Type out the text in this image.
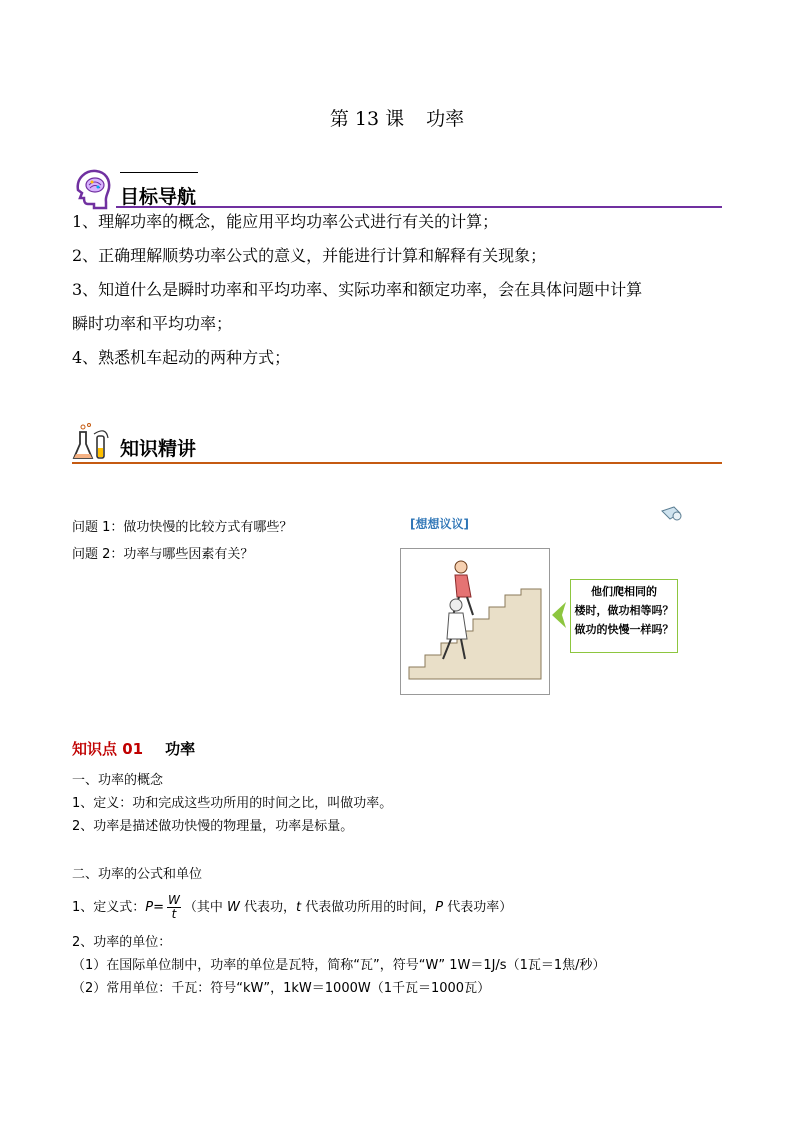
第 13 课 功率
目标导航
1、理解功率的概念，能应用平均功率公式进行有关的计算；
2、正确理解顺势功率公式的意义，并能进行计算和解释有关现象；
3、知道什么是瞬时功率和平均功率、实际功率和额定功率，会在具体问题中计算
瞬时功率和平均功率；
4、熟悉机车起动的两种方式；
知识精讲
问题 1：做功快慢的比较方式有哪些？
问题 2：功率与哪些因素有关？
[想想议议]
他们爬相同的
楼时，做功相等吗？
做功的快慢一样吗？
知识点 01 功率
一、功率的概念
1、定义：功和完成这些功所用的时间之比，叫做功率。
2、功率是描述做功快慢的物理量，功率是标量。
二、功率的公式和单位
1、定义式：$P= \frac{W}{t}$ （其中 W 代表功，t 代表做功所用的时间，P 代表功率）
2、功率的单位：
（1）在国际单位制中，功率的单位是瓦特，简称“瓦”，符号“W” 1W＝1J/s（1瓦＝1焦/秒）
（2）常用单位：千瓦：符号“kW”，1kW＝1000W（1千瓦＝1000瓦）
